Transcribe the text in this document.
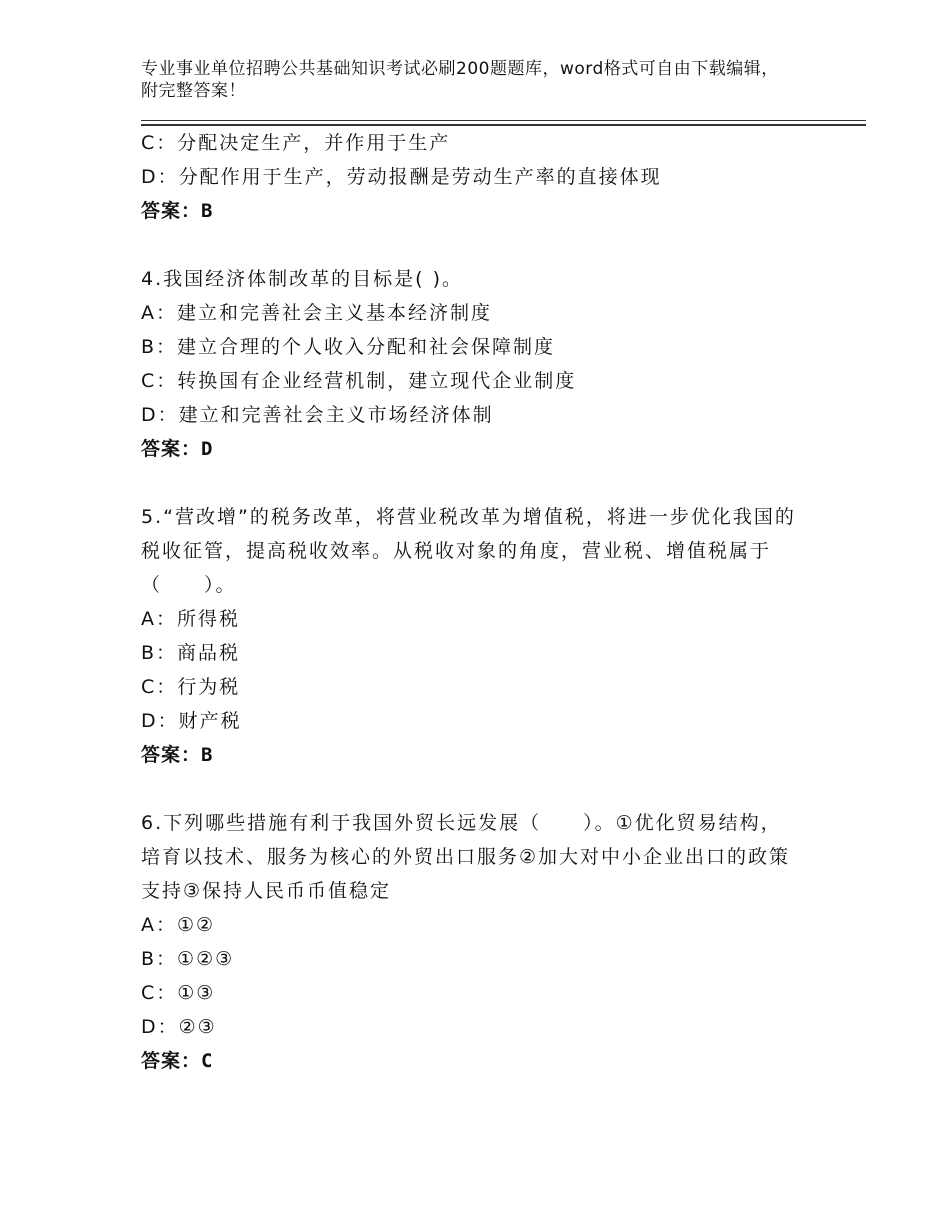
专业事业单位招聘公共基础知识考试必刷200题题库，word格式可自由下载编辑，附完整答案！
C：分配决定生产，并作用于生产
D：分配作用于生产，劳动报酬是劳动生产率的直接体现
答案：B
4.我国经济体制改革的目标是( )。
A：建立和完善社会主义基本经济制度
B：建立合理的个人收入分配和社会保障制度
C：转换国有企业经营机制，建立现代企业制度
D：建立和完善社会主义市场经济体制
答案：D
5.“营改增”的税务改革，将营业税改革为增值税，将进一步优化我国的税收征管，提高税收效率。从税收对象的角度，营业税、增值税属于（　　）。
A：所得税
B：商品税
C：行为税
D：财产税
答案：B
6.下列哪些措施有利于我国外贸长远发展（　　）。①优化贸易结构，培育以技术、服务为核心的外贸出口服务②加大对中小企业出口的政策支持③保持人民币币值稳定
A：①②
B：①②③
C：①③
D：②③
答案：C
